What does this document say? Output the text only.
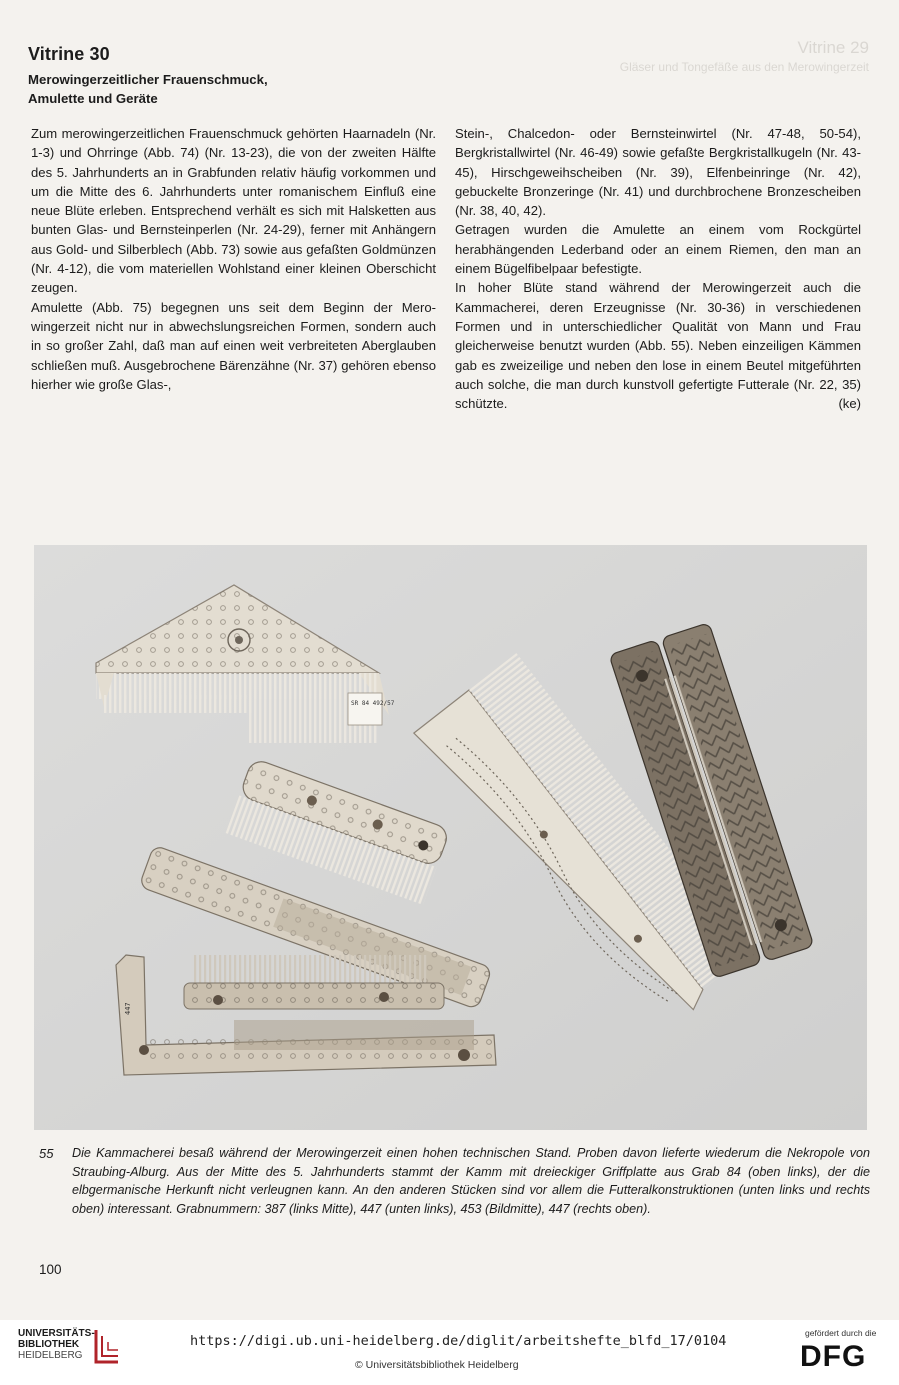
Vitrine 29
Gläser und Tongefäße aus den Merowingerzeit
Vitrine 30
Merowingerzeitlicher Frauenschmuck,
Amulette und Geräte

Zum merowingerzeitlichen Frauenschmuck gehörten Haarnadeln (Nr. 1-3) und Ohrringe (Abb. 74) (Nr. 13-23), die von der zweiten Hälfte des 5. Jahrhunderts an in Grabfunden relativ häufig vorkommen und um die Mitte des 6. Jahrhunderts unter romanischem Einfluß eine neue Blüte erleben. Entsprechend verhält es sich mit Halsketten aus bunten Glas- und Bernsteinperlen (Nr. 24-29), ferner mit Anhängern aus Gold- und Silberblech (Abb. 73) sowie aus gefaßten Goldmünzen (Nr. 4-12), die vom materiellen Wohlstand einer kleinen Oberschicht zeugen.

Amulette (Abb. 75) begegnen uns seit dem Beginn der Merowingerzeit nicht nur in abwechslungsreichen Formen, sondern auch in so großer Zahl, daß man auf einen weit verbreiteten Aberglauben schließen muß. Ausgebrochene Bärenzähne (Nr. 37) gehören ebenso hierher wie große Glas-,

Stein-, Chalcedon- oder Bernsteinwirtel (Nr. 47-48, 50-54), Bergkristallwirtel (Nr. 46-49) sowie gefaßte Bergkristallkugeln (Nr. 43-45), Hirschgeweihscheiben (Nr. 39), Elfenbeinringe (Nr. 42), gebuckelte Bronzeringe (Nr. 41) und durchbrochene Bronzescheiben (Nr. 38, 40, 42).

Getragen wurden die Amulette an einem vom Rockgürtel herabhängenden Lederband oder an einem Riemen, den man an einem Bügelfibelpaar befestigte.

In hoher Blüte stand während der Merowingerzeit auch die Kammacherei, deren Erzeugnisse (Nr. 30-36) in verschiedenen Formen und in unterschiedlicher Qualität von Mann und Frau gleicherweise benutzt wurden (Abb. 55). Neben einzeiligen Kämmen gab es zweizeilige und neben den lose in einem Beutel mitgeführten auch solche, die man durch kunstvoll gefertigte Futterale (Nr. 22, 35) schützte.	(ke)

SR 84 492/57
447
55 Die Kammacherei besaß während der Merowingerzeit einen hohen technischen Stand. Proben davon lieferte wiederum die Nekropole von Straubing-Alburg. Aus der Mitte des 5. Jahrhunderts stammt der Kamm mit dreieckiger Griffplatte aus Grab 84 (oben links), der die elbgermanische Herkunft nicht verleugnen kann. An den anderen Stücken sind vor allem die Futteralkonstruktionen (unten links und rechts oben) interessant. Grabnummern: 387 (links Mitte), 447 (unten links), 453 (Bildmitte), 447 (rechts oben).
100
UNIVERSITÄTS-
BIBLIOTHEK
HEIDELBERG
https://digi.ub.uni-heidelberg.de/diglit/arbeitshefte_blfd_17/0104
© Universitätsbibliothek Heidelberg
gefördert durch die
DFG
